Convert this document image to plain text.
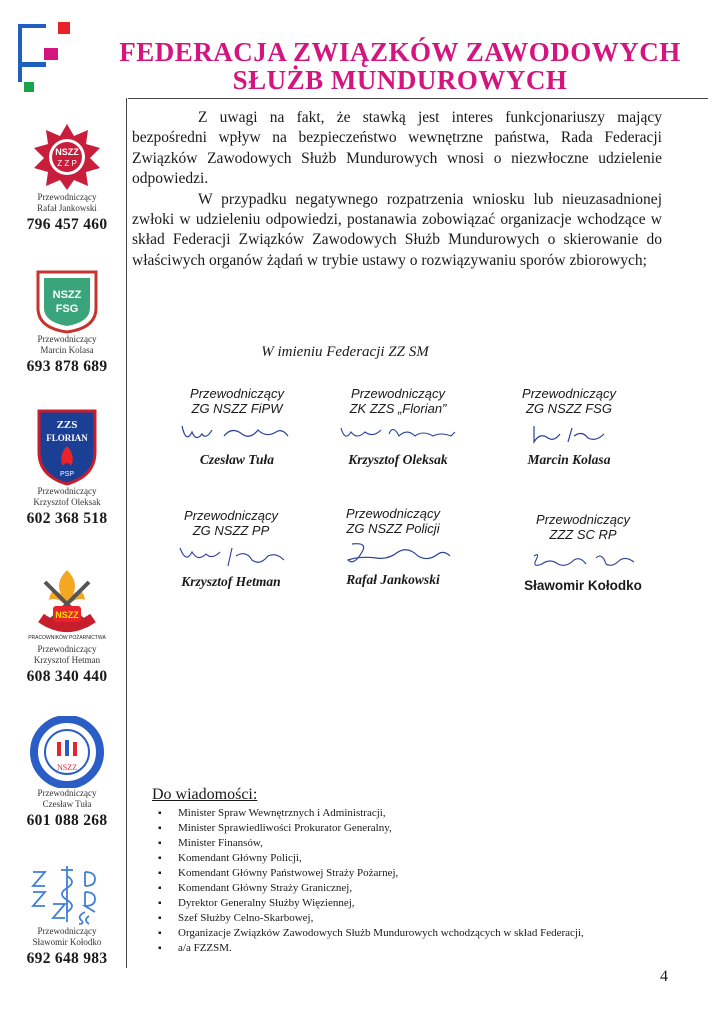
FEDERACJA ZWIĄZKÓW ZAWODOWYCH
SŁUŻB MUNDUROWYCH
NSZZ
Z Z P
Przewodniczący
Rafał Jankowski
796 457 460
NSZZ
FSG
Przewodniczący
Marcin Kolasa
693 878 689
ZZS
FLORIAN
PSP
Przewodniczący
Krzysztof Oleksak
602 368 518
NSZZ
PRACOWNIKÓW POŻARNICTWA
Przewodniczący
Krzysztof Hetman
608 340 440
NSZZ
Przewodniczący
Czesław Tuła
601 088 268
Przewodniczący
Sławomir Kołodko
692 648 983

Z uwagi na fakt, że stawką jest interes funkcjonariuszy mający bezpośredni wpływ na bezpieczeństwo wewnętrzne państwa, Rada Federacji Związków Zawodowych Służb Mundurowych wnosi o niezwłoczne udzielenie odpowiedzi.

W przypadku negatywnego rozpatrzenia wniosku lub nieuzasadnionej zwłoki w udzieleniu odpowiedzi, postanawia zobowiązać organizacje wchodzące w skład Federacji Związków Zawodowych Służb Mundurowych o skierowanie do właściwych organów żądań w trybie ustawy o rozwiązywaniu sporów zbiorowych;

W imieniu Federacji ZZ SM
Przewodniczący
ZG NSZZ FiPW
Czesław Tuła
Przewodniczący
ZK ZZS „Florian”
Krzysztof Oleksak
Przewodniczący
ZG NSZZ FSG
Marcin Kolasa
Przewodniczący
ZG NSZZ PP
Krzysztof Hetman
Przewodniczący
ZG NSZZ Policji
Rafał Jankowski
Przewodniczący
ZZZ SC RP
Sławomir Kołodko
Do wiadomości:
▪ Minister Spraw Wewnętrznych i Administracji,
▪ Minister Sprawiedliwości Prokurator Generalny,
▪ Minister Finansów,
▪ Komendant Główny Policji,
▪ Komendant Główny Państwowej Straży Pożarnej,
▪ Komendant Główny Straży Granicznej,
▪ Dyrektor Generalny Służby Więziennej,
▪ Szef Służby Celno-Skarbowej,
▪ Organizacje Związków Zawodowych Służb Mundurowych wchodzących w skład Federacji,
▪ a/a FZZSM.
4
